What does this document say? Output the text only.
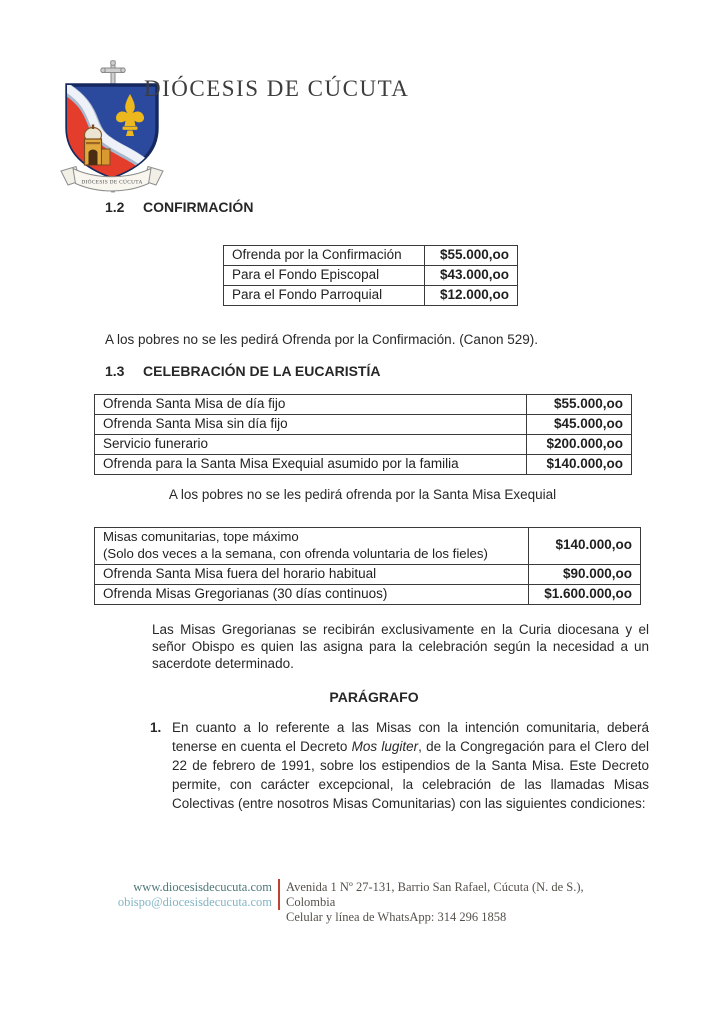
DIÓCESIS DE CÚCUTA
DIÓCESIS DE CÚCUTA
1.2 CONFIRMACIÓN
Ofrenda por la Confirmación	$55.000,oo
Para el Fondo Episcopal	$43.000,oo
Para el Fondo Parroquial	$12.000,oo
A los pobres no se les pedirá Ofrenda por la Confirmación. (Canon 529).
1.3 CELEBRACIÓN DE LA EUCARISTÍA
Ofrenda Santa Misa de día fijo	$55.000,oo
Ofrenda Santa Misa sin día fijo	$45.000,oo
Servicio funerario	$200.000,oo
Ofrenda para la Santa Misa Exequial asumido por la familia	$140.000,oo
A los pobres no se les pedirá ofrenda por la Santa Misa Exequial
Misas comunitarias, tope máximo
(Solo dos veces a la semana, con ofrenda voluntaria de los fieles)	$140.000,oo
Ofrenda Santa Misa fuera del horario habitual	$90.000,oo
Ofrenda Misas Gregorianas (30 días continuos)	$1.600.000,oo
Las Misas Gregorianas se recibirán exclusivamente en la Curia diocesana y el señor Obispo es quien las asigna para la celebración según la necesidad a un sacerdote determinado.
PARÁGRAFO
1. En cuanto a lo referente a las Misas con la intención comunitaria, deberá tenerse en cuenta el Decreto Mos lugiter, de la Congregación para el Clero del 22 de febrero de 1991, sobre los estipendios de la Santa Misa. Este Decreto permite, con carácter excepcional, la celebración de las llamadas Misas Colectivas (entre nosotros Misas Comunitarias) con las siguientes condiciones:
www.diocesisdecucuta.com
obispo@diocesisdecucuta.com
Avenida 1 Nº 27-131, Barrio San Rafael, Cúcuta (N. de S.), Colombia
Celular y línea de WhatsApp: 314 296 1858
